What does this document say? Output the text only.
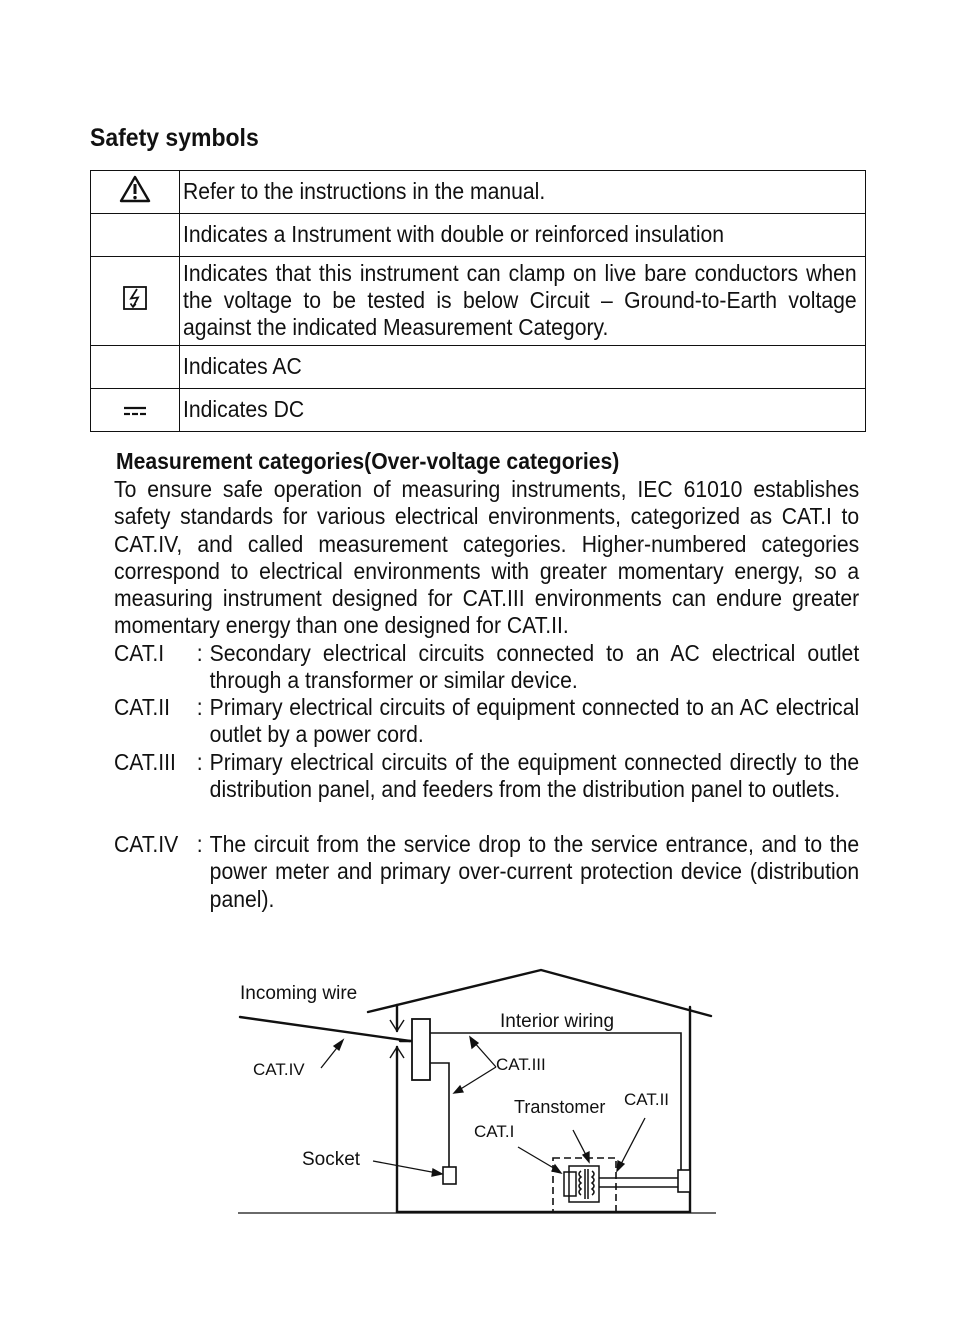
Safety symbols
	Refer to the instructions in the manual.
	Indicates a Instrument with double or reinforced insulation
	Indicates that this instrument can clamp on live bare conductors when the voltage to be tested is below Circuit – Ground-to-Earth voltage against the indicated Measurement Category.
	Indicates AC
	Indicates DC
Measurement categories(Over-voltage categories)
To ensure safe operation of measuring instruments, IEC 61010 establishes safety standards for various electrical environments, categorized as CAT.I to CAT.IV, and called measurement categories. Higher-numbered categories correspond to electrical environments with greater momentary energy, so a measuring instrument designed for CAT.III environments can endure greater momentary energy than one designed for CAT.II.
CAT.I	: Secondary electrical circuits connected to an AC electrical outlet through a transformer or similar device.
CAT.II	: Primary electrical circuits of equipment connected to an AC electrical outlet by a power cord.
CAT.III : Primary electrical circuits of the equipment connected directly to the distribution panel, and feeders from the distribution panel to outlets.
CAT.IV : The circuit from the service drop to the service entrance, and to the power meter and primary over-current protection device (distribution panel).
Incoming wire
Interior wiring
CAT.IV	CAT.III
Transtomer CAT.II
CAT.I
Socket
